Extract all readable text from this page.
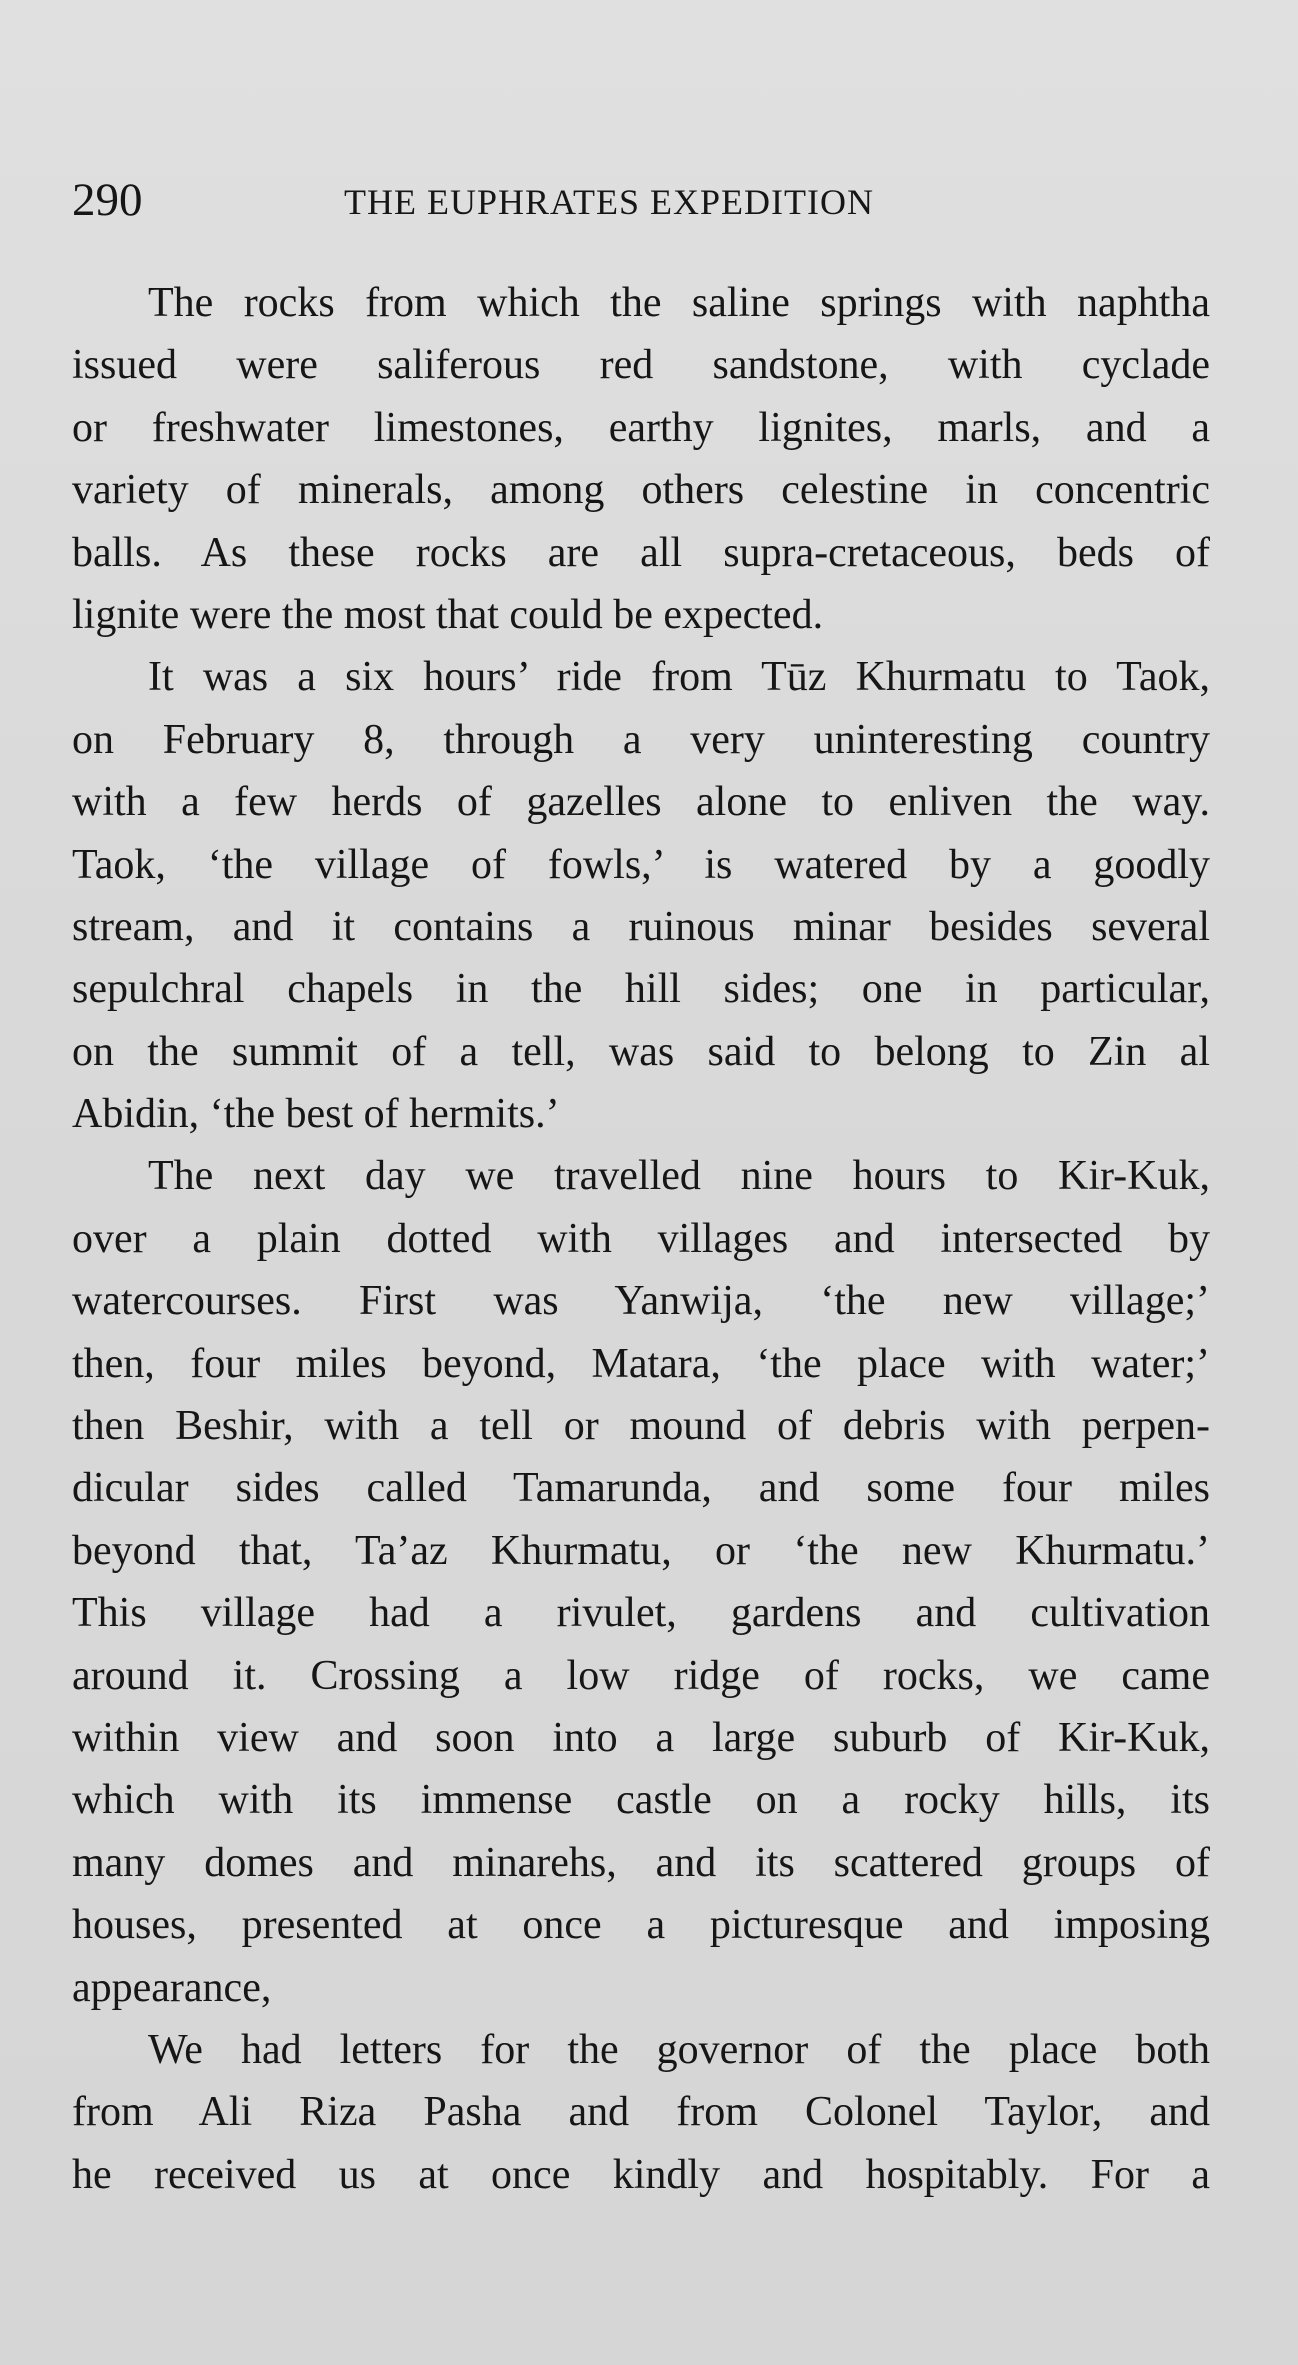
290	THE EUPHRATES EXPEDITION
The rocks from which the saline springs with naphtha
issued were saliferous red sandstone, with cyclade
or freshwater limestones, earthy lignites, marls, and a
variety of minerals, among others celestine in concentric
balls. As these rocks are all supra-cretaceous, beds of
lignite were the most that could be expected.
It was a six hours’ ride from Tūz Khurmatu to Taok,
on February 8, through a very uninteresting country
with a few herds of gazelles alone to enliven the way.
Taok, ‘the village of fowls,’ is watered by a goodly
stream, and it contains a ruinous minar besides several
sepulchral chapels in the hill sides; one in particular,
on the summit of a tell, was said to belong to Zin al
Abidin, ‘the best of hermits.’
The next day we travelled nine hours to Kir-Kuk,
over a plain dotted with villages and intersected by
watercourses. First was Yanwija, ‘the new village;’
then, four miles beyond, Matara, ‘the place with water;’
then Beshir, with a tell or mound of debris with perpen-
dicular sides called Tamarunda, and some four miles
beyond that, Ta’az Khurmatu, or ‘the new Khurmatu.’
This village had a rivulet, gardens and cultivation
around it. Crossing a low ridge of rocks, we came
within view and soon into a large suburb of Kir-Kuk,
which with its immense castle on a rocky hills, its
many domes and minarehs, and its scattered groups of
houses, presented at once a picturesque and imposing
appearance,
We had letters for the governor of the place both
from Ali Riza Pasha and from Colonel Taylor, and
he received us at once kindly and hospitably. For a
